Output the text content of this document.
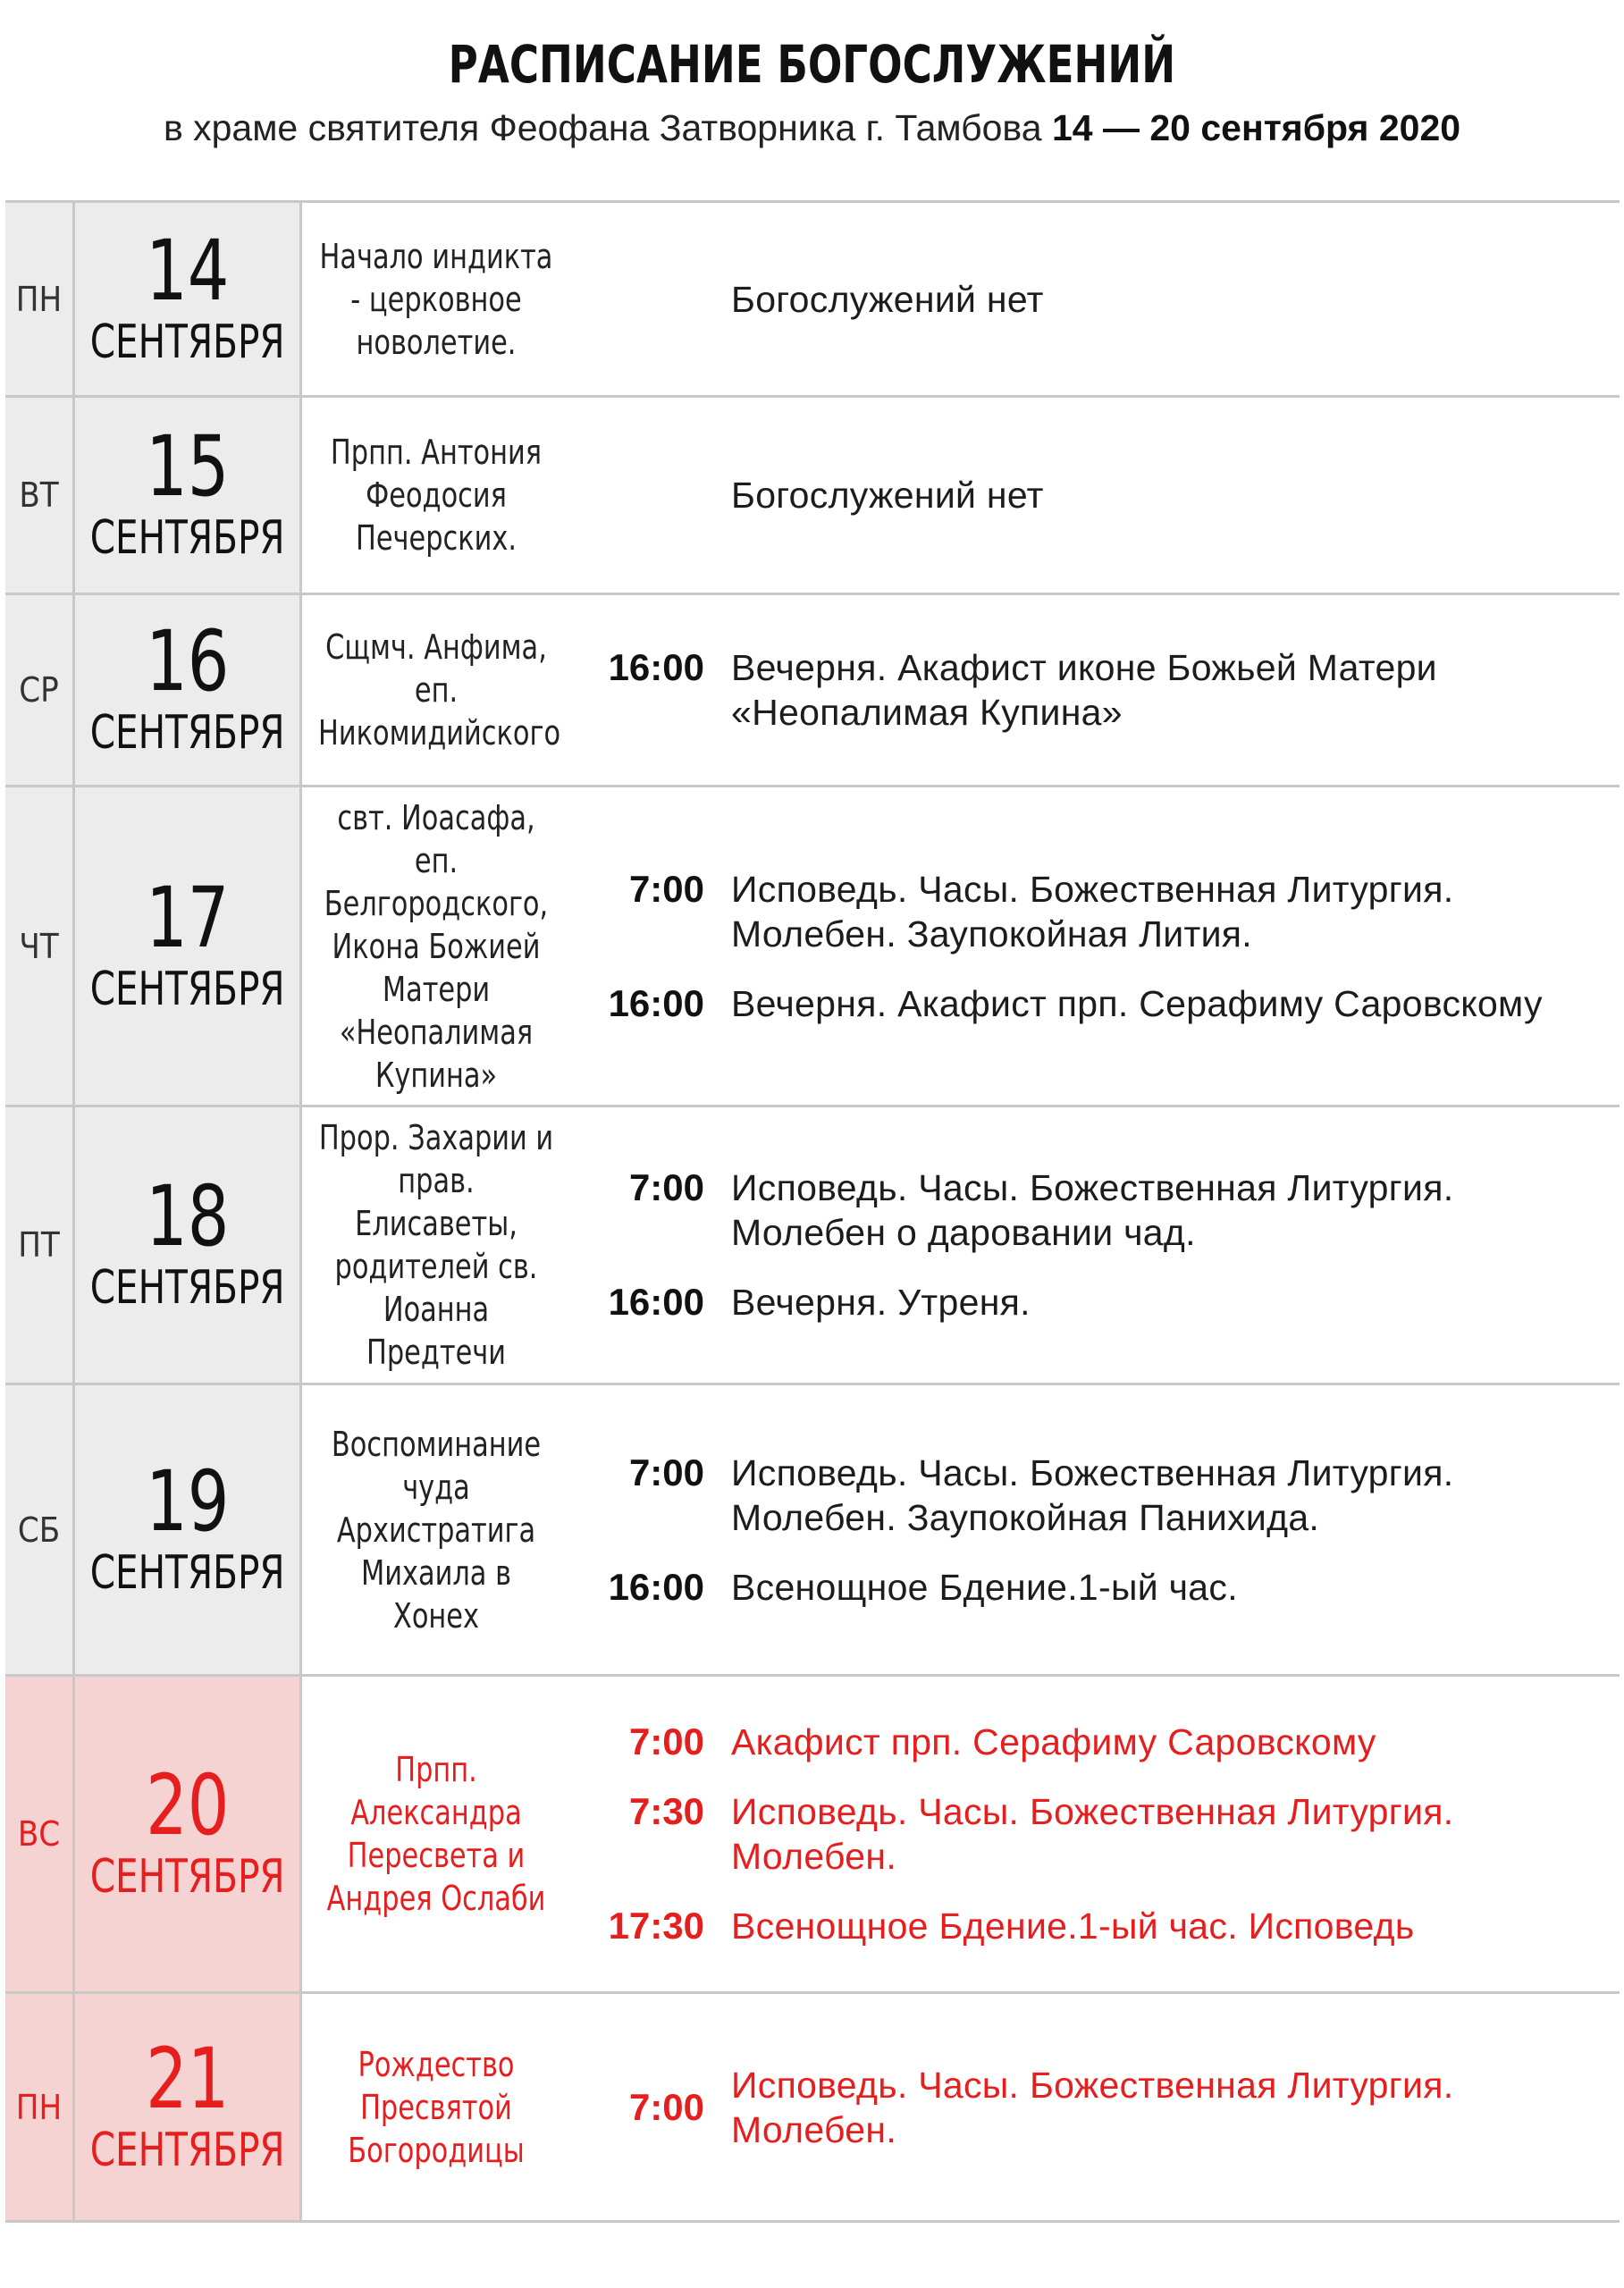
РАСПИСАНИЕ БОГОСЛУЖЕНИЙ
в храме святителя Феофана Затворника г. Тамбова 14 — 20 сентября 2020
ПН 14
СЕНТЯБРЯ
Начало индикта - церковное новолетие.
Богослужений нет
ВТ 15
СЕНТЯБРЯ
Прпп. Антония Феодосия Печерских.
Богослужений нет
СР 16
СЕНТЯБРЯ
Сщмч. Анфима, еп. Никомидийского
16:00 Вечерня. Акафист иконе Божьей Матери «Неопалимая Купина»
ЧТ 17
СЕНТЯБРЯ
свт. Иоасафа, еп. Белгородского, Икона Божией Матери «Неопалимая Купина»
7:00 Исповедь. Часы. Божественная Литургия. Молебен. Заупокойная Лития.
16:00 Вечерня. Акафист прп. Серафиму Саровскому
ПТ 18
СЕНТЯБРЯ
Прор. Захарии и прав. Елисаветы, родителей св. Иоанна Предтечи
7:00 Исповедь. Часы. Божественная Литургия. Молебен о даровании чад.
16:00 Вечерня. Утреня.
СБ 19
СЕНТЯБРЯ
Воспоминание чуда Архистратига Михаила в Хонех
7:00 Исповедь. Часы. Божественная Литургия. Молебен. Заупокойная Панихида.
16:00 Всенощное Бдение.1-ый час.
ВС 20
СЕНТЯБРЯ
Прпп. Александра Пересвета и Андрея Ослаби
7:00 Акафист прп. Серафиму Саровскому
7:30 Исповедь. Часы. Божественная Литургия. Молебен.
17:30 Всенощное Бдение.1-ый час. Исповедь
ПН 21
СЕНТЯБРЯ
Рождество Пресвятой Богородицы
7:00
Исповедь. Часы. Божественная Литургия. Молебен.
